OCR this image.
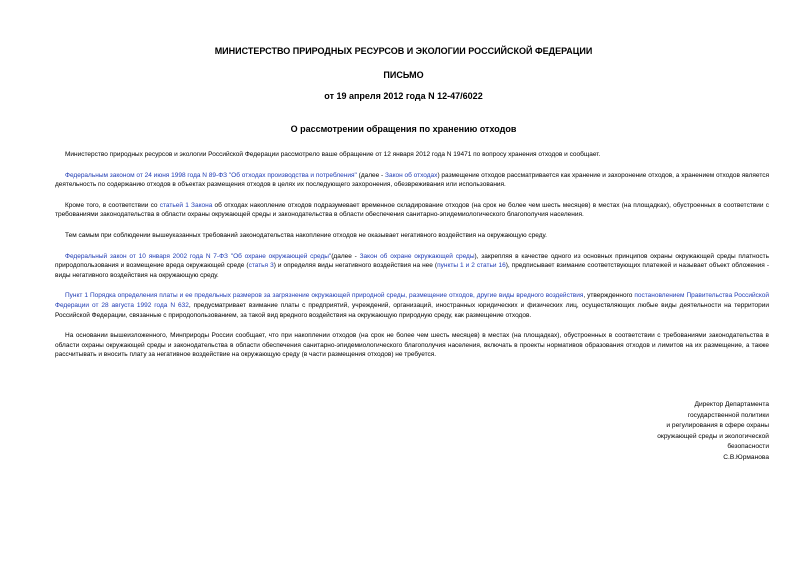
МИНИСТЕРСТВО ПРИРОДНЫХ РЕСУРСОВ И ЭКОЛОГИИ РОССИЙСКОЙ ФЕДЕРАЦИИ
ПИСЬМО
от 19 апреля 2012 года N 12-47/6022
О рассмотрении обращения по хранению отходов

Министерство природных ресурсов и экологии Российской Федерации рассмотрело ваше обращение от 12 января 2012 года N 19471 по вопросу хранения отходов и сообщает.

Федеральным законом от 24 июня 1998 года N 89-ФЗ "Об отходах производства и потребления" (далее - Закон об отходах) размещение отходов рассматривается как хранение и захоронение отходов, а хранением отходов является деятельность по содержанию отходов в объектах размещения отходов в целях их последующего захоронения, обезвреживания или использования.

Кроме того, в соответствии со статьей 1 Закона об отходах накопление отходов подразумевает временное складирование отходов (на срок не более чем шесть месяцев) в местах (на площадках), обустроенных в соответствии с требованиями законодательства в области охраны окружающей среды и законодательства в области обеспечения санитарно-эпидемиологического благополучия населения.

Тем самым при соблюдении вышеуказанных требований законодательства накопление отходов не оказывает негативного воздействия на окружающую среду.

Федеральный закон от 10 января 2002 года N 7-ФЗ "Об охране окружающей среды"(далее - Закон об охране окружающей среды), закрепляя в качестве одного из основных принципов охраны окружающей среды платность природопользования и возмещение вреда окружающей среде (статья 3) и определяя виды негативного воздействия на нее (пункты 1 и 2 статьи 16), предписывает взимание соответствующих платежей и называет объект обложения - виды негативного воздействия на окружающую среду.

Пункт 1 Порядка определения платы и ее предельных размеров за загрязнение окружающей природной среды, размещение отходов, другие виды вредного воздействия, утвержденного постановлением Правительства Российской Федерации от 28 августа 1992 года N 632, предусматривает взимание платы с предприятий, учреждений, организаций, иностранных юридических и физических лиц, осуществляющих любые виды деятельности на территории Российской Федерации, связанные с природопользованием, за такой вид вредного воздействия на окружающую природную среду, как размещение отходов.

На основании вышеизложенного, Минприроды России сообщает, что при накоплении отходов (на срок не более чем шесть месяцев) в местах (на площадках), обустроенных в соответствии с требованиями законодательства в области охраны окружающей среды и законодательства в области обеспечения санитарно-эпидемиологического благополучия населения, включать в проекты нормативов образования отходов и лимитов на их размещение, а также рассчитывать и вносить плату за негативное воздействие на окружающую среду (в части размещения отходов) не требуется.

Директор Департамента
государственной политики
и регулирования в сфере охраны
окружающей среды и экологической
безопасности
С.В.Юрманова
